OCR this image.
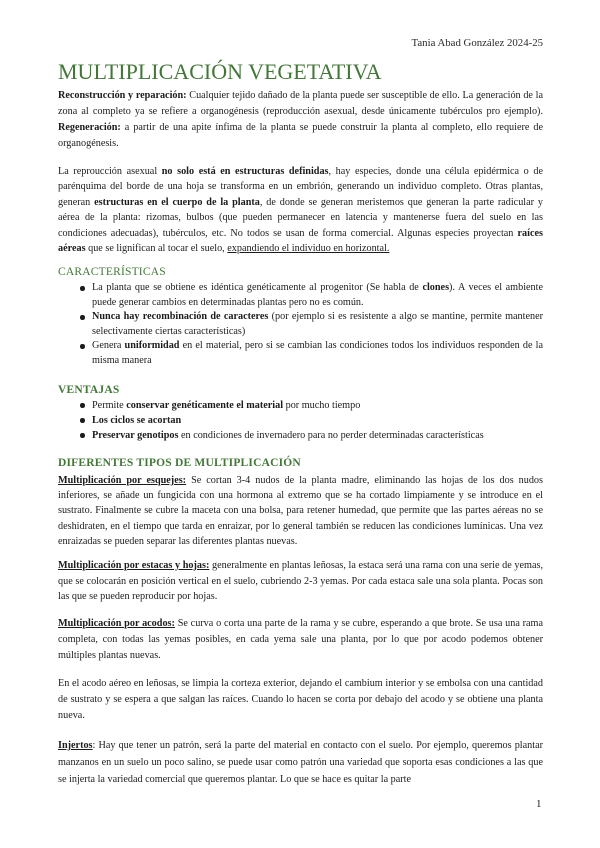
Tania Abad González 2024-25
MULTIPLICACIÓN VEGETATIVA

Reconstrucción y reparación: Cualquier tejido dañado de la planta puede ser susceptible de ello. La generación de la zona al completo ya se refiere a organogénesis (reproducción asexual, desde únicamente tubérculos pro ejemplo). Regeneración: a partir de una apite ínfima de la planta se puede construir la planta al completo, ello requiere de organogénesis.

La reproucción asexual no solo está en estructuras definidas, hay especies, donde una célula epidérmica o de parénquima del borde de una hoja se transforma en un embrión, generando un individuo completo. Otras plantas, generan estructuras en el cuerpo de la planta, de donde se generan meristemos que generan la parte radicular y aérea de la planta: rizomas, bulbos (que pueden permanecer en latencia y mantenerse fuera del suelo en las condiciones adecuadas), tubérculos, etc. No todos se usan de forma comercial. Algunas especies proyectan raíces aéreas que se lignifican al tocar el suelo, expandiendo el individuo en horizontal.

CARACTERÍSTICAS
La planta que se obtiene es idéntica genéticamente al progenitor (Se habla de clones). A veces el ambiente puede generar cambios en determinadas plantas pero no es común.
Nunca hay recombinación de caracteres (por ejemplo si es resistente a algo se mantine, permite mantener selectivamente ciertas características)
Genera uniformidad en el material, pero si se cambian las condiciones todos los individuos responden de la misma manera
VENTAJAS
Permite conservar genéticamente el material por mucho tiempo
Los ciclos se acortan
Preservar genotipos en condiciones de invernadero para no perder determinadas características
DIFERENTES TIPOS DE MULTIPLICACIÓN

Multiplicación por esquejes: Se cortan 3-4 nudos de la planta madre, eliminando las hojas de los dos nudos inferiores, se añade un fungicida con una hormona al extremo que se ha cortado limpiamente y se introduce en el sustrato. Finalmente se cubre la maceta con una bolsa, para retener humedad, que permite que las partes aéreas no se deshidraten, en el tiempo que tarda en enraizar, por lo general también se reducen las condiciones lumínicas. Una vez enraizadas se pueden separar las diferentes plantas nuevas.

Multiplicación por estacas y hojas: generalmente en plantas leñosas, la estaca será una rama con una serie de yemas, que se colocarán en posición vertical en el suelo, cubriendo 2-3 yemas. Por cada estaca sale una sola planta. Pocas son las que se pueden reproducir por hojas.

Multiplicación por acodos: Se curva o corta una parte de la rama y se cubre, esperando a que brote. Se usa una rama completa, con todas las yemas posibles, en cada yema sale una planta, por lo que por acodo podemos obtener múltiples plantas nuevas.

En el acodo aéreo en leñosas, se limpia la corteza exterior, dejando el cambium interior y se embolsa con una cantidad de sustrato y se espera a que salgan las raíces. Cuando lo hacen se corta por debajo del acodo y se obtiene una planta nueva.

Injertos: Hay que tener un patrón, será la parte del material en contacto con el suelo. Por ejemplo, queremos plantar manzanos en un suelo un poco salino, se puede usar como patrón una variedad que soporta esas condiciones a las que se injerta la variedad comercial que queremos plantar. Lo que se hace es quitar la parte

1
